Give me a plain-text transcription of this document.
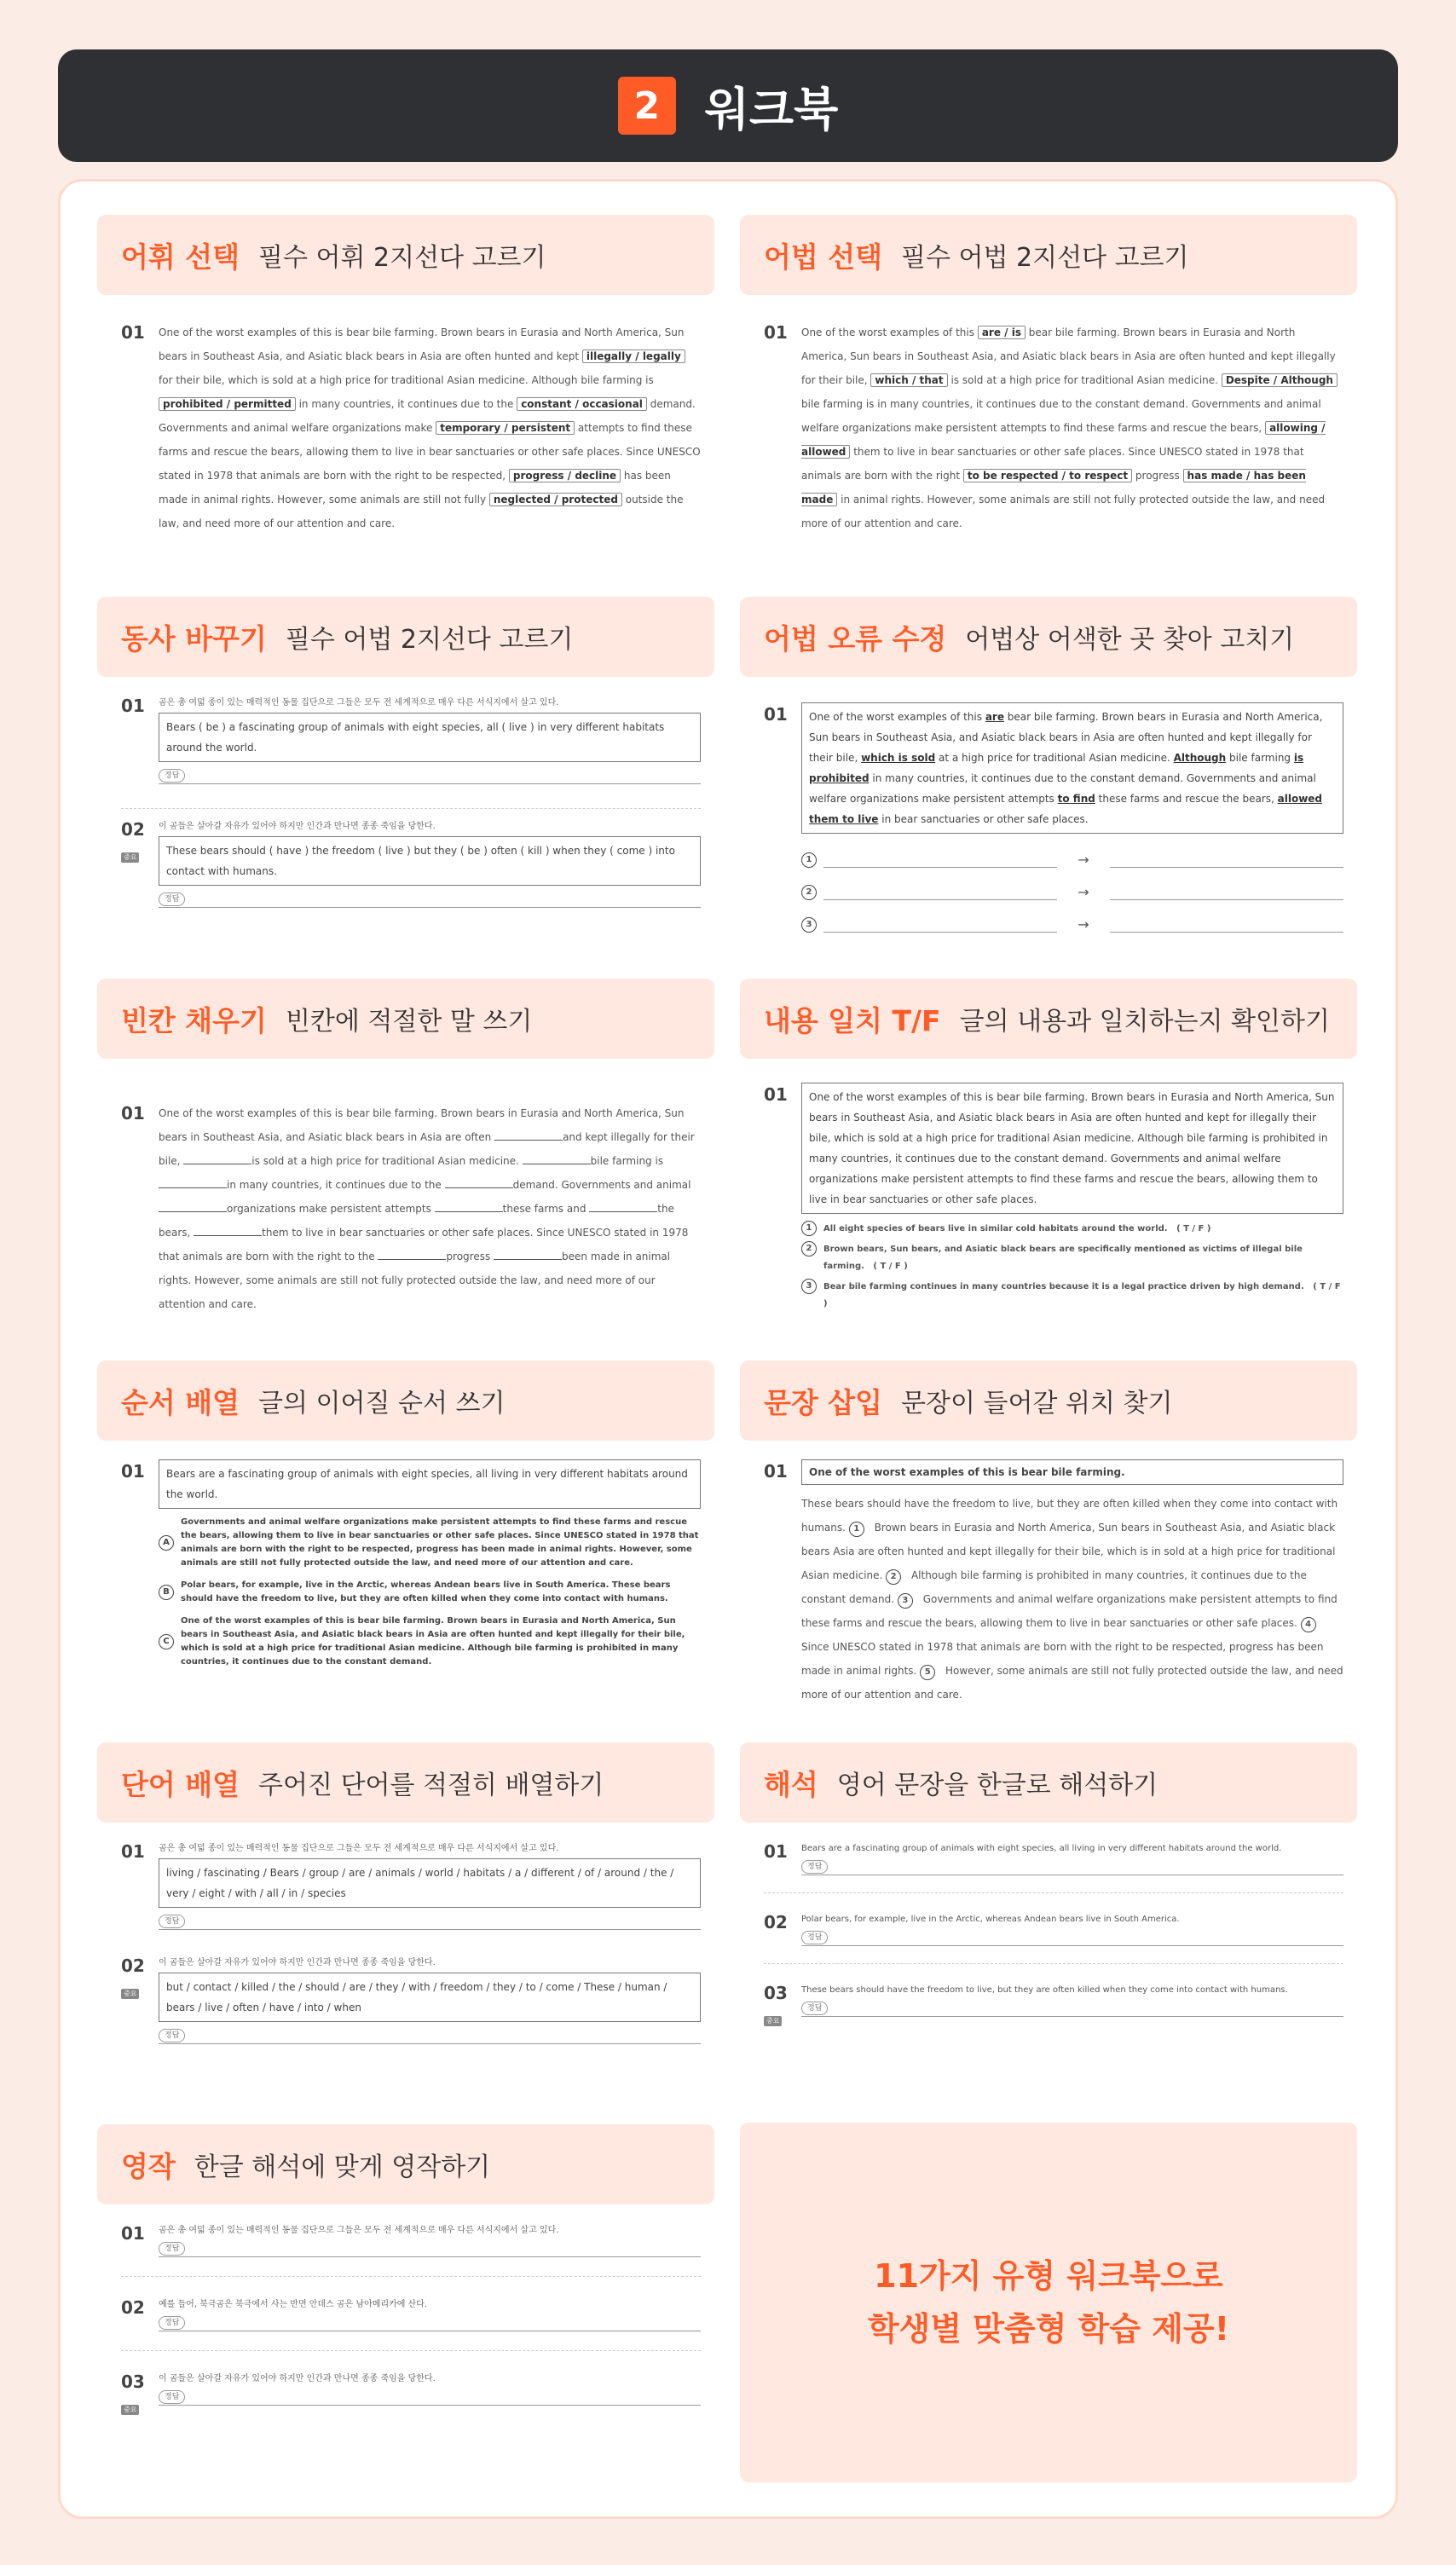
2 워크북
어휘 선택 필수 어휘 2지선다 고르기
01 One of the worst examples of this is bear bile farming. Brown bears in Eurasia and North America, Sun bears in Southeast Asia, and Asiatic black bears in Asia are often hunted and kept illegally / legally for their bile, which is sold at a high price for traditional Asian medicine. Although bile farming is prohibited / permitted in many countries, it continues due to the constant / occasional demand. Governments and animal welfare organizations make temporary / persistent attempts to find these farms and rescue the bears, allowing them to live in bear sanctuaries or other safe places. Since UNESCO stated in 1978 that animals are born with the right to be respected, progress / decline has been made in animal rights. However, some animals are still not fully neglected / protected outside the law, and need more of our attention and care.
어법 선택 필수 어법 2지선다 고르기
01 One of the worst examples of this are / is bear bile farming. Brown bears in Eurasia and North America, Sun bears in Southeast Asia, and Asiatic black bears in Asia are often hunted and kept illegally for their bile, which / that is sold at a high price for traditional Asian medicine. Despite / Although bile farming is in many countries, it continues due to the constant demand. Governments and animal welfare organizations make persistent attempts to find these farms and rescue the bears, allowing / allowed them to live in bear sanctuaries or other safe places. Since UNESCO stated in 1978 that animals are born with the right to be respected / to respect progress has made / has been made in animal rights. However, some animals are still not fully protected outside the law, and need more of our attention and care.
동사 바꾸기 필수 어법 2지선다 고르기
01 곰은 총 여덟 종이 있는 매력적인 동물 집단으로 그들은 모두 전 세계적으로 매우 다른 서식지에서 살고 있다.
Bears ( be ) a fascinating group of animals with eight species, all ( live ) in very different habitats around the world.
정답
02
중요
이 곰들은 살아갈 자유가 있어야 하지만 인간과 만나면 종종 죽임을 당한다.
These bears should ( have ) the freedom ( live ) but they ( be ) often ( kill ) when they ( come ) into contact with humans.
정답
어법 오류 수정 어법상 어색한 곳 찾아 고치기
01	One of the worst examples of this are bear bile farming. Brown bears in Eurasia and North America, Sun bears in Southeast Asia, and Asiatic black bears in Asia are often hunted and kept illegally for their bile, which is sold at a high price for traditional Asian medicine. Although bile farming is prohibited in many countries, it continues due to the constant demand. Governments and animal welfare organizations make persistent attempts to find these farms and rescue the bears, allowed them to live in bear sanctuaries or other safe places.
1	→
2	→
3	→
빈칸 채우기 빈칸에 적절한 말 쓰기
01 One of the worst examples of this is bear bile farming. Brown bears in Eurasia and North America, Sun bears in Southeast Asia, and Asiatic black bears in Asia are often	and kept illegally for their bile,	is sold at a high price for traditional Asian medicine.	bile farming is in many countries, it continues due to the	demand. Governments and animal organizations make persistent attempts	these farms and	the bears,	them to live in bear sanctuaries or other safe places. Since UNESCO stated in 1978 that animals are born with the right to the	progress	been made in animal rights. However, some animals are still not fully protected outside the law, and need more of our attention and care.
내용 일치 T/F 글의 내용과 일치하는지 확인하기
01	One of the worst examples of this is bear bile farming. Brown bears in Eurasia and North America, Sun bears in Southeast Asia, and Asiatic black bears in Asia are often hunted and kept for illegally their bile, which is sold at a high price for traditional Asian medicine. Although bile farming is prohibited in many countries, it continues due to the constant demand. Governments and animal welfare organizations make persistent attempts to find these farms and rescue the bears, allowing them to live in bear sanctuaries or other safe places.
1	All eight species of bears live in similar cold habitats around the world. ( T / F )
2	Brown bears, Sun bears, and Asiatic black bears are specifically mentioned as victims of illegal bile farming. ( T / F )
3	Bear bile farming continues in many countries because it is a legal practice driven by high demand. ( T / F )
순서 배열 글의 이어질 순서 쓰기
01	Bears are a fascinating group of animals with eight species, all living in very different habitats around the world.
A
Governments and animal welfare organizations make persistent attempts to find these farms and rescue the bears, allowing them to live in bear sanctuaries or other safe places. Since UNESCO stated in 1978 that animals are born with the right to be respected, progress has been made in animal rights. However, some animals are still not fully protected outside the law, and need more of our attention and care.
B
Polar bears, for example, live in the Arctic, whereas Andean bears live in South America. These bears should have the freedom to live, but they are often killed when they come into contact with humans.
C
One of the worst examples of this is bear bile farming. Brown bears in Eurasia and North America, Sun bears in Southeast Asia, and Asiatic black bears in Asia are often hunted and kept illegally for their bile, which is sold at a high price for traditional Asian medicine. Although bile farming is prohibited in many countries, it continues due to the constant demand.
문장 삽입 문장이 들어갈 위치 찾기
01	One of the worst examples of this is bear bile farming.
These bears should have the freedom to live, but they are often killed when they come into contact with humans. 1 Brown bears in Eurasia and North America, Sun bears in Southeast Asia, and Asiatic black bears Asia are often hunted and kept illegally for their bile, which is in sold at a high price for traditional Asian medicine. 2 Although bile farming is prohibited in many countries, it continues due to the constant demand. 3 Governments and animal welfare organizations make persistent attempts to find these farms and rescue the bears, allowing them to live in bear sanctuaries or other safe places. 4 Since UNESCO stated in 1978 that animals are born with the right to be respected, progress has been made in animal rights. 5 However, some animals are still not fully protected outside the law, and need more of our attention and care.
단어 배열 주어진 단어를 적절히 배열하기
01 곰은 총 여덟 종이 있는 매력적인 동물 집단으로 그들은 모두 전 세계적으로 매우 다른 서식지에서 살고 있다.
living / fascinating / Bears / group / are / animals / world / habitats / a / different / of / around / the / very / eight / with / all / in / species
정답
02
중요
이 곰들은 살아갈 자유가 있어야 하지만 인간과 만나면 종종 죽임을 당한다.
but / contact / killed / the / should / are / they / with / freedom / they / to / come / These / human / bears / live / often / have / into / when
정답
해석 영어 문장을 한글로 해석하기
01 Bears are a fascinating group of animals with eight species, all living in very different habitats around the world.
정답
02 Polar bears, for example, live in the Arctic, whereas Andean bears live in South America.
정답
03
중요
These bears should have the freedom to live, but they are often killed when they come into contact with humans.
정답
영작 한글 해석에 맞게 영작하기
01 곰은 총 여덟 종이 있는 매력적인 동물 집단으로 그들은 모두 전 세계적으로 매우 다른 서식지에서 살고 있다.
정답
02 예를 들어, 북극곰은 북극에서 사는 반면 안데스 곰은 남아메리카에 산다.
정답
03
중요
이 곰들은 살아갈 자유가 있어야 하지만 인간과 만나면 종종 죽임을 당한다.
정답
11가지 유형 워크북으로
학생별 맞춤형 학습 제공!
